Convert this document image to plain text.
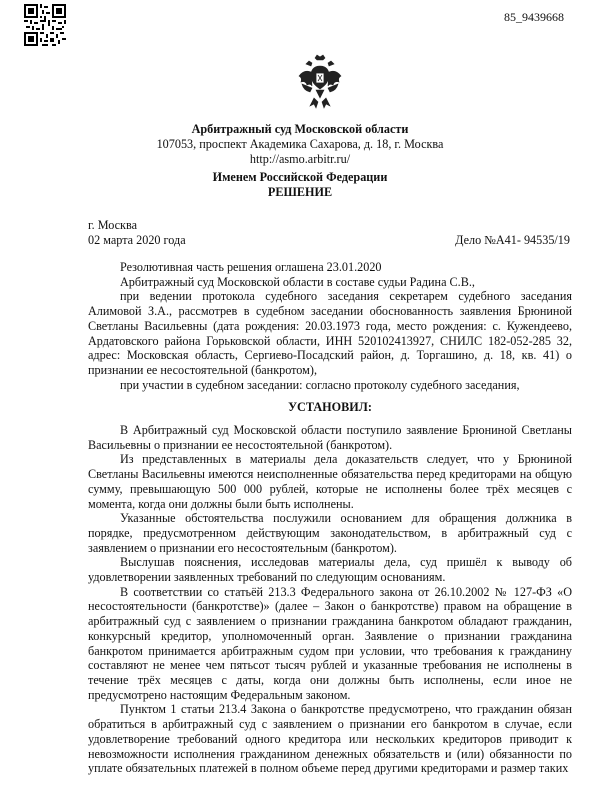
85_9439668
Арбитражный суд Московской области
107053, проспект Академика Сахарова, д. 18, г. Москва
http://asmo.arbitr.ru/
Именем Российской Федерации
РЕШЕНИЕ
г. Москва
02 марта 2020 года	Дело №А41- 94535/19

Резолютивная часть решения оглашена 23.01.2020

Арбитражный суд Московской области в составе судьи Радина С.В.,

при ведении протокола судебного заседания секретарем судебного заседания Алимовой З.А., рассмотрев в судебном заседании обоснованность заявления Брюниной Светланы Васильевны (дата рождения: 20.03.1973 года, место рождения: с. Кужендеево, Ардатовского района Горьковской области, ИНН 520102413927, СНИЛС 182-052-285 32, адрес: Московская область, Сергиево-Посадский район, д. Торгашино, д. 18, кв. 41) о признании ее несостоятельной (банкротом),

при участии в судебном заседании: согласно протоколу судебного заседания,

УСТАНОВИЛ:

В Арбитражный суд Московской области поступило заявление Брюниной Светланы Васильевны о признании ее несостоятельной (банкротом).

Из представленных в материалы дела доказательств следует, что у Брюниной Светланы Васильевны имеются неисполненные обязательства перед кредиторами на общую сумму, превышающую 500 000 рублей, которые не исполнены более трёх месяцев с момента, когда они должны были быть исполнены.

Указанные обстоятельства послужили основанием для обращения должника в порядке, предусмотренном действующим законодательством, в арбитражный суд с заявлением о признании его несостоятельным (банкротом).

Выслушав пояснения, исследовав материалы дела, суд пришёл к выводу об удовлетворении заявленных требований по следующим основаниям.

В соответствии со статьёй 213.3 Федерального закона от 26.10.2002 № 127-ФЗ «О несостоятельности (банкротстве)» (далее – Закон о банкротстве) правом на обращение в арбитражный суд с заявлением о признании гражданина банкротом обладают гражданин, конкурсный кредитор, уполномоченный орган. Заявление о признании гражданина банкротом принимается арбитражным судом при условии, что требования к гражданину составляют не менее чем пятьсот тысяч рублей и указанные требования не исполнены в течение трёх месяцев с даты, когда они должны быть исполнены, если иное не предусмотрено настоящим Федеральным законом.

Пунктом 1 статьи 213.4 Закона о банкротстве предусмотрено, что гражданин обязан обратиться в арбитражный суд с заявлением о признании его банкротом в случае, если удовлетворение требований одного кредитора или нескольких кредиторов приводит к невозможности исполнения гражданином денежных обязательств и (или) обязанности по уплате обязательных платежей в полном объеме перед другими кредиторами и размер таких
